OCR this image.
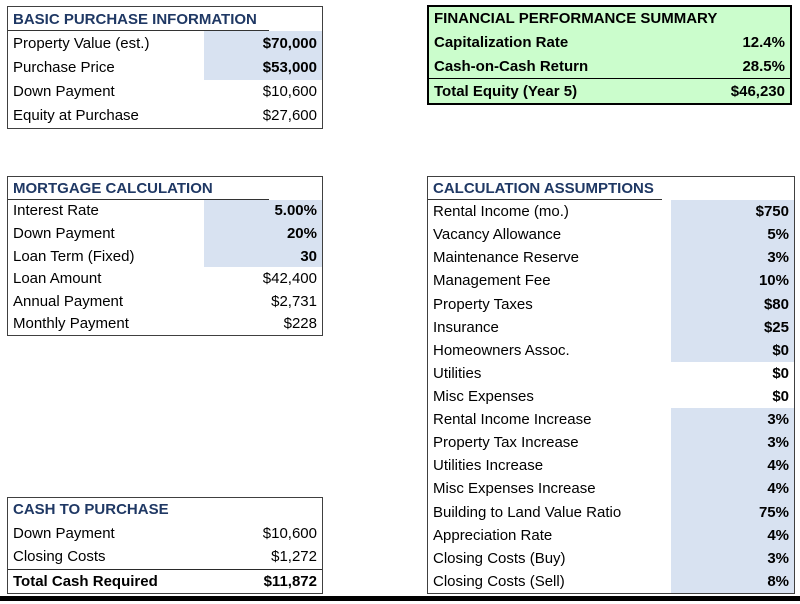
BASIC PURCHASE INFORMATION
Property Value (est.)	$70,000
Purchase Price	$53,000
Down Payment	$10,600
Equity at Purchase	$27,600
FINANCIAL PERFORMANCE SUMMARY
Capitalization Rate	12.4%
Cash-on-Cash Return	28.5%
Total Equity (Year 5)	$46,230
MORTGAGE CALCULATION
Interest Rate	5.00%
Down Payment	20%
Loan Term (Fixed)	30
Loan Amount	$42,400
Annual Payment	$2,731
Monthly Payment	$228
CALCULATION ASSUMPTIONS
Rental Income (mo.)	$750
Vacancy Allowance	5%
Maintenance Reserve	3%
Management Fee	10%
Property Taxes	$80
Insurance	$25
Homeowners Assoc.	$0
Utilities	$0
Misc Expenses	$0
Rental Income Increase	3%
Property Tax Increase	3%
Utilities Increase	4%
Misc Expenses Increase	4%
Building to Land Value Ratio	75%
Appreciation Rate	4%
Closing Costs (Buy)	3%
Closing Costs (Sell)	8%
CASH TO PURCHASE
Down Payment	$10,600
Closing Costs	$1,272
Total Cash Required	$11,872
